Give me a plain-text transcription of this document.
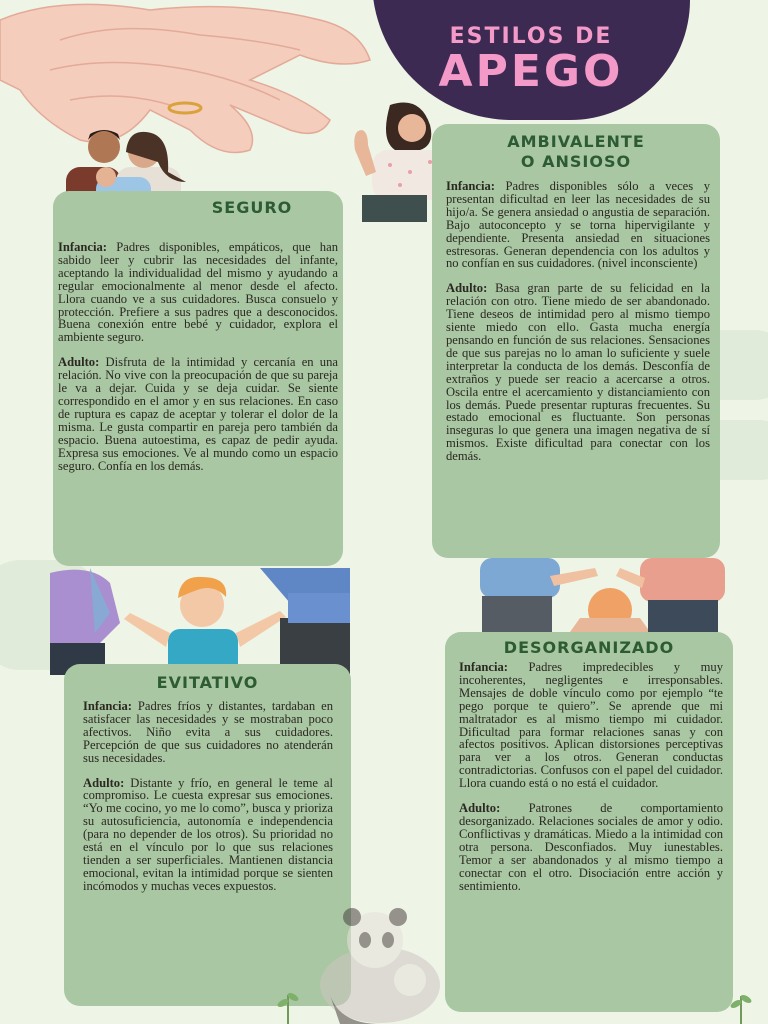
ESTILOS DE
APEGO
SEGURO

Infancia: Padres disponibles, empáticos, que han sabido leer y cubrir las necesidades del infante, aceptando la individualidad del mismo y ayudando a regular emocionalmente al menor desde el afecto. Llora cuando ve a sus cuidadores. Busca consuelo y protección. Prefiere a sus padres que a desconocidos. Buena conexión entre bebé y cuidador, explora el ambiente seguro.

Adulto: Disfruta de la intimidad y cercanía en una relación. No vive con la preocupación de que su pareja le va a dejar. Cuida y se deja cuidar. Se siente correspondido en el amor y en sus relaciones. En caso de ruptura es capaz de aceptar y tolerar el dolor de la misma. Le gusta compartir en pareja pero también da espacio. Buena autoestima, es capaz de pedir ayuda. Expresa sus emociones. Ve al mundo como un espacio seguro. Confía en los demás.

AMBIVALENTE
O ANSIOSO

Infancia: Padres disponibles sólo a veces y presentan dificultad en leer las necesidades de su hijo/a. Se genera ansiedad o angustia de separación. Bajo autoconcepto y se torna hipervigilante y dependiente. Presenta ansiedad en situaciones estresoras. Generan dependencia con los adultos y no confían en sus cuidadores. (nivel inconsciente)

Adulto: Basa gran parte de su felicidad en la relación con otro. Tiene miedo de ser abandonado. Tiene deseos de intimidad pero al mismo tiempo siente miedo con ello. Gasta mucha energía pensando en función de sus relaciones. Sensaciones de que sus parejas no lo aman lo suficiente y suele interpretar la conducta de los demás. Desconfía de extraños y puede ser reacio a acercarse a otros. Oscila entre el acercamiento y distanciamiento con los demás. Puede presentar rupturas frecuentes. Su estado emocional es fluctuante. Son personas inseguras lo que genera una imagen negativa de sí mismos. Existe dificultad para conectar con los demás.

EVITATIVO

Infancia: Padres fríos y distantes, tardaban en satisfacer las necesidades y se mostraban poco afectivos. Niño evita a sus cuidadores. Percepción de que sus cuidadores no atenderán sus necesidades.

Adulto: Distante y frío, en general le teme al compromiso. Le cuesta expresar sus emociones. “Yo me cocino, yo me lo como”, busca y prioriza su autosuficiencia, autonomía e independencia (para no depender de los otros). Su prioridad no está en el vínculo por lo que sus relaciones tienden a ser superficiales. Mantienen distancia emocional, evitan la intimidad porque se sienten incómodos y muchas veces expuestos.

DESORGANIZADO

Infancia: Padres impredecibles y muy incoherentes, negligentes e irresponsables. Mensajes de doble vínculo como por ejemplo “te pego porque te quiero”. Se aprende que mi maltratador es al mismo tiempo mi cuidador. Dificultad para formar relaciones sanas y con afectos positivos. Aplican distorsiones perceptivas para ver a los otros. Generan conductas contradictorias. Confusos con el papel del cuidador. Llora cuando está o no está el cuidador.

Adulto: Patrones de comportamiento desorganizado. Relaciones sociales de amor y odio. Conflictivas y dramáticas. Miedo a la intimidad con otra persona. Desconfiados. Muy iunestables. Temor a ser abandonados y al mismo tiempo a conectar con el otro. Disociación entre acción y sentimiento.
